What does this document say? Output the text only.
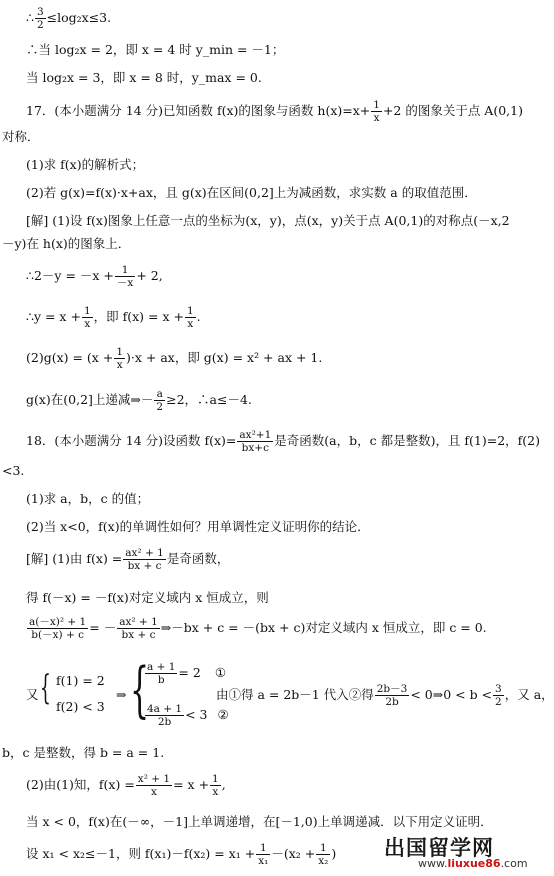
∴ $\frac{3}{2} \le\log_2x\le 3$.
∴当 log₂x = 2，即 x = 4 时 y_min = －1；
当 log₂x = 3，即 x = 8 时，y_max = 0.
17．(本小题满分 14 分)已知函数 f(x)的图象与函数 $h(x)=x+ \frac{1}{x} +2$ 的图象关于点 A(0,1)
对称．
(1)求 f(x)的解析式；
(2)若 g(x)=f(x)·x+ax，且 g(x)在区间(0,2]上为减函数，求实数 a 的取值范围．
[解] (1)设 f(x)图象上任意一点的坐标为(x，y)，点(x，y)关于点 A(0,1)的对称点(－x,2
－y)在 h(x)的图象上．
∴2－y = $-x + \frac{1}{-x} + 2$,
∴y = $x + \frac{1}{x}$ ，即 $f(x) = x + \frac{1}{x}$ .
$(2)g(x) = (x + \frac{1}{x} )\cdot x$ + ax，即 g(x) = x² + ax + 1.
g(x)在(0,2]上递减⇒－ $\frac{a}{2} \ge 2$，∴a≤－4.
18．(本小题满分 14 分)设函数 $f(x)= \frac{\text{ax²+1}}{bx+c}$ 是奇函数(a，b，c 都是整数)，且 f(1)=2，f(2)
<3.
(1)求 a，b，c 的值；
(2)当 x<0，f(x)的单调性如何？用单调性定义证明你的结论．
[解] (1)由 $f(x) = \frac{\text{ax² + 1}}{bx + c}$ 是奇函数，
得 f(－x) = －f(x)对定义域内 x 恒成立，则
$\frac{\text{a(－x)² + 1}}{b(-x) + c}$ = － $\frac{\text{ax² + 1}}{bx + c}$ ⇒－bx + c = －(bx + c)对定义域内 x 恒成立，即 c = 0.
又 { f(1) = 2
f(2) < 3
⇒ {
$\frac{a + 1}{b} = 2$ ①
$\frac{4a + 1}{2b} < 3$ ②
由①得 a = 2b－1 代入②得 $\frac{2b-3}{2b}$ < 0⇒0 < $b < \frac{3}{2}$ ，又 a，
b，c 是整数，得 b = a = 1.
(2)由(1)知，$f(x) = \frac{\text{x² + 1}}{x} = x + \frac{1}{x}$ ,
当 x < 0，f(x)在(－∞，－1]上单调递增，在[－1,0)上单调递减．以下用定义证明．
设 x₁ < x₂≤－1，则 $f(x_1)-f(x_2) = x_1 + \frac{1}{\text{x₁}} -(x_2 + \frac{1}{\text{x₂}}$ ) 出国留学网
www.liuxue86.com
